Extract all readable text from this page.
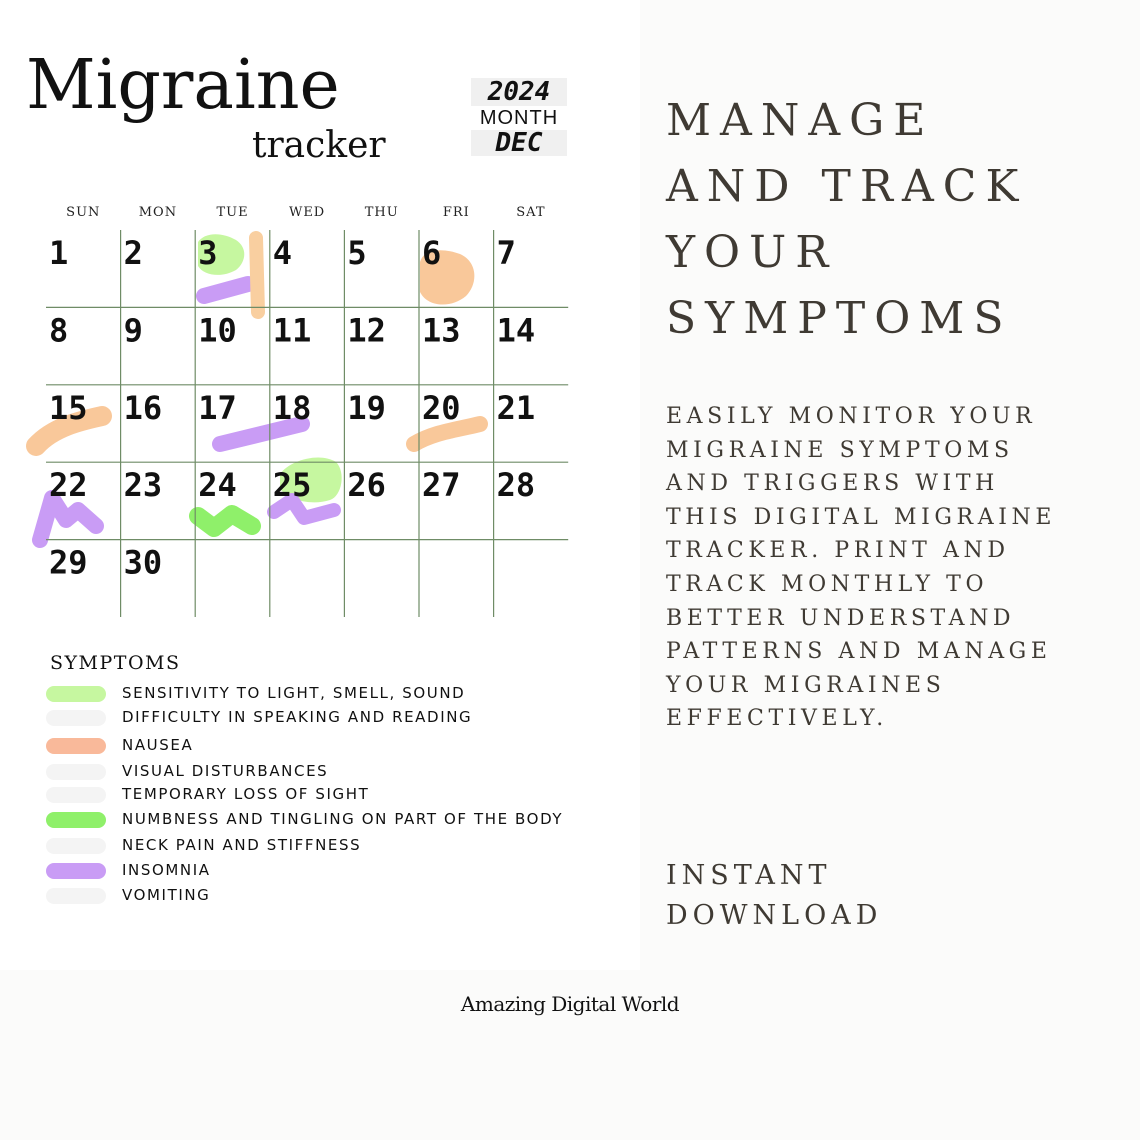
Migraine
tracker
2024
MONTH
DEC
SUN	MON	TUE	WED	THU	FRI	SAT
1 2 3 4 5 6 7
8 9 10 11 12 13 14
15 16 17 18 19 20 21
22 23 24 25 26 27 28
29 30
SYMPTOMS
SENSITIVITY TO LIGHT, SMELL, SOUND
DIFFICULTY IN SPEAKING AND READING
NAUSEA
VISUAL DISTURBANCES
TEMPORARY LOSS OF SIGHT
NUMBNESS AND TINGLING ON PART OF THE BODY
NECK PAIN AND STIFFNESS
INSOMNIA
VOMITING
MANAGE
AND TRACK
YOUR
SYMPTOMS
EASILY MONITOR YOUR
MIGRAINE SYMPTOMS
AND TRIGGERS WITH
THIS DIGITAL MIGRAINE
TRACKER. PRINT AND
TRACK MONTHLY TO
BETTER UNDERSTAND
PATTERNS AND MANAGE
YOUR MIGRAINES
EFFECTIVELY.
INSTANT
DOWNLOAD
Amazing Digital World
